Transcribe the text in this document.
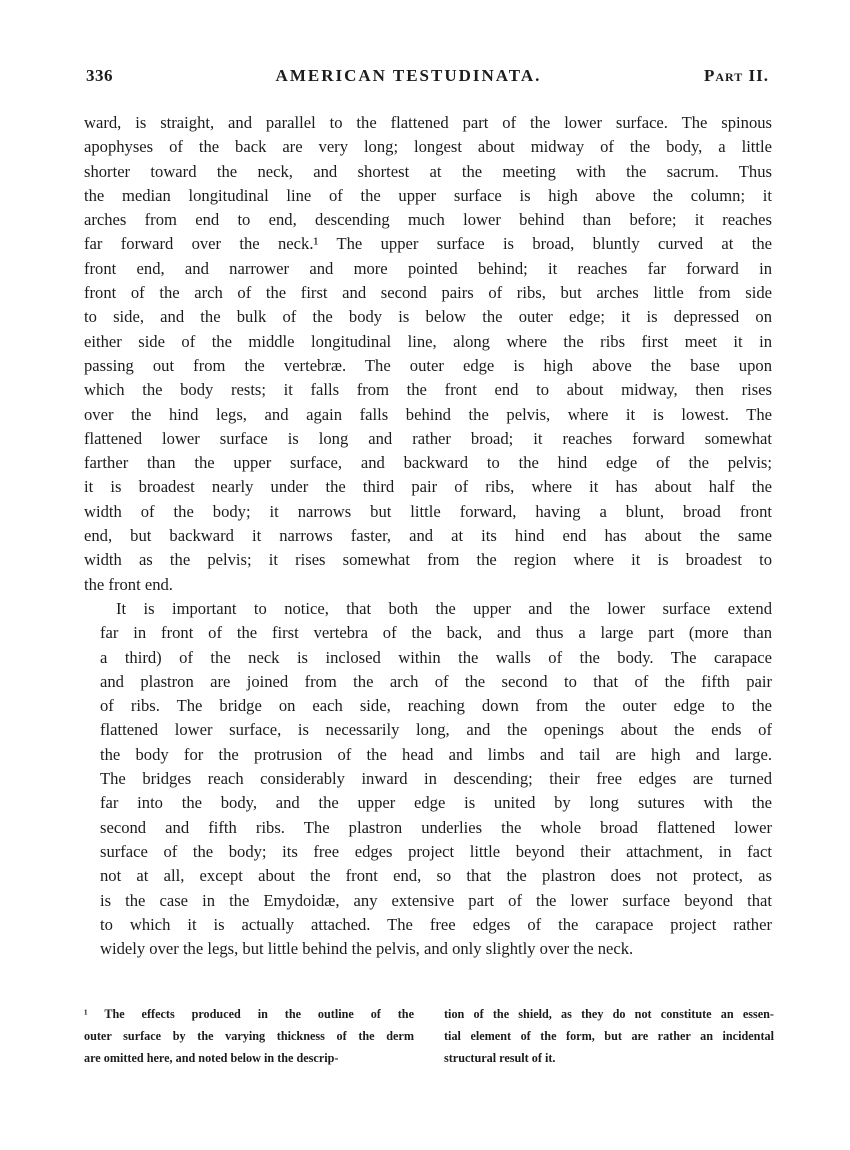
336	AMERICAN TESTUDINATA.	Part II.

ward, is straight, and parallel to the flattened part of the lower surface. The spinous
apophyses of the back are very long; longest about midway of the body, a little
shorter toward the neck, and shortest at the meeting with the sacrum. Thus
the median longitudinal line of the upper surface is high above the column; it
arches from end to end, descending much lower behind than before; it reaches
far forward over the neck.¹ The upper surface is broad, bluntly curved at the
front end, and narrower and more pointed behind; it reaches far forward in
front of the arch of the first and second pairs of ribs, but arches little from side
to side, and the bulk of the body is below the outer edge; it is depressed on
either side of the middle longitudinal line, along where the ribs first meet it in
passing out from the vertebræ. The outer edge is high above the base upon
which the body rests; it falls from the front end to about midway, then rises
over the hind legs, and again falls behind the pelvis, where it is lowest. The
flattened lower surface is long and rather broad; it reaches forward somewhat
farther than the upper surface, and backward to the hind edge of the pelvis;
it is broadest nearly under the third pair of ribs, where it has about half the
width of the body; it narrows but little forward, having a blunt, broad front
end, but backward it narrows faster, and at its hind end has about the same
width as the pelvis; it rises somewhat from the region where it is broadest to
the front end.

It is important to notice, that both the upper and the lower surface extend
far in front of the first vertebra of the back, and thus a large part (more than
a third) of the neck is inclosed within the walls of the body. The carapace
and plastron are joined from the arch of the second to that of the fifth pair
of ribs. The bridge on each side, reaching down from the outer edge to the
flattened lower surface, is necessarily long, and the openings about the ends of
the body for the protrusion of the head and limbs and tail are high and large.
The bridges reach considerably inward in descending; their free edges are turned
far into the body, and the upper edge is united by long sutures with the
second and fifth ribs. The plastron underlies the whole broad flattened lower
surface of the body; its free edges project little beyond their attachment, in fact
not at all, except about the front end, so that the plastron does not protect, as
is the case in the Emydoidæ, any extensive part of the lower surface beyond that
to which it is actually attached. The free edges of the carapace project rather
widely over the legs, but little behind the pelvis, and only slightly over the neck.

¹ The effects produced in the outline of the
outer surface by the varying thickness of the derm
are omitted here, and noted below in the descrip-
tion of the shield, as they do not constitute an essen-
tial element of the form, but are rather an incidental
structural result of it.
